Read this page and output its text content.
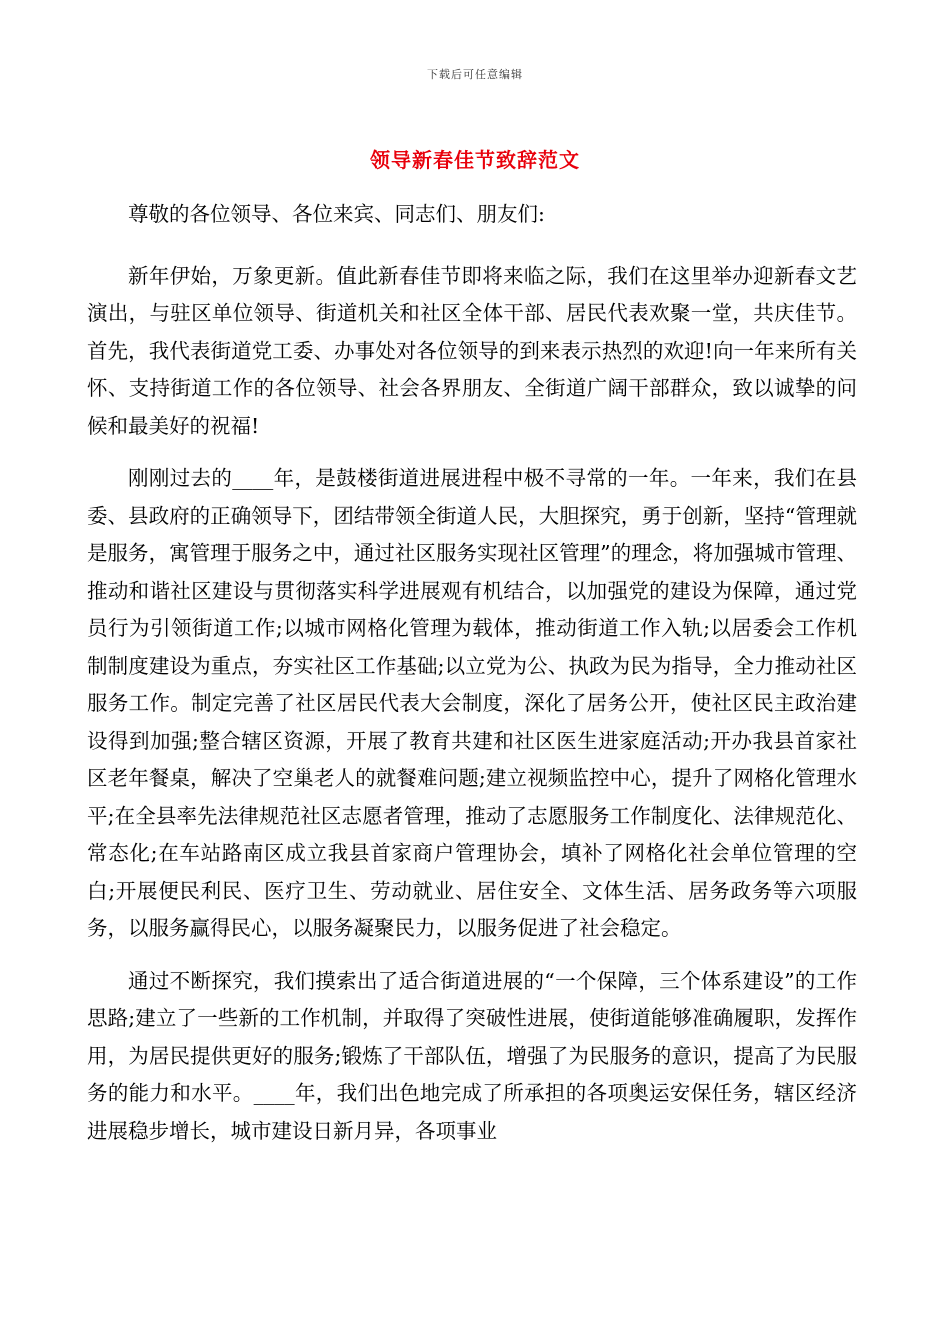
下载后可任意编辑
领导新春佳节致辞范文

尊敬的各位领导、各位来宾、同志们、朋友们:

新年伊始，万象更新。值此新春佳节即将来临之际，我们在这里举办迎新春文艺演出，与驻区单位领导、街道机关和社区全体干部、居民代表欢聚一堂，共庆佳节。首先，我代表街道党工委、办事处对各位领导的到来表示热烈的欢迎!向一年来所有关怀、支持街道工作的各位领导、社会各界朋友、全街道广阔干部群众，致以诚挚的问候和最美好的祝福!

刚刚过去的____年，是鼓楼街道进展进程中极不寻常的一年。一年来，我们在县委、县政府的正确领导下，团结带领全街道人民，大胆探究，勇于创新，坚持“管理就是服务，寓管理于服务之中，通过社区服务实现社区管理”的理念，将加强城市管理、推动和谐社区建设与贯彻落实科学进展观有机结合，以加强党的建设为保障，通过党员行为引领街道工作;以城市网格化管理为载体，推动街道工作入轨;以居委会工作机制制度建设为重点，夯实社区工作基础;以立党为公、执政为民为指导，全力推动社区服务工作。制定完善了社区居民代表大会制度，深化了居务公开，使社区民主政治建设得到加强;整合辖区资源，开展了教育共建和社区医生进家庭活动;开办我县首家社区老年餐桌，解决了空巢老人的就餐难问题;建立视频监控中心，提升了网格化管理水平;在全县率先法律规范社区志愿者管理，推动了志愿服务工作制度化、法律规范化、常态化;在车站路南区成立我县首家商户管理协会，填补了网格化社会单位管理的空白;开展便民利民、医疗卫生、劳动就业、居住安全、文体生活、居务政务等六项服务，以服务赢得民心，以服务凝聚民力，以服务促进了社会稳定。

通过不断探究，我们摸索出了适合街道进展的“一个保障，三个体系建设”的工作思路;建立了一些新的工作机制，并取得了突破性进展，使街道能够准确履职，发挥作用，为居民提供更好的服务;锻炼了干部队伍，增强了为民服务的意识，提高了为民服务的能力和水平。____年，我们出色地完成了所承担的各项奥运安保任务，辖区经济进展稳步增长，城市建设日新月异，各项事业
